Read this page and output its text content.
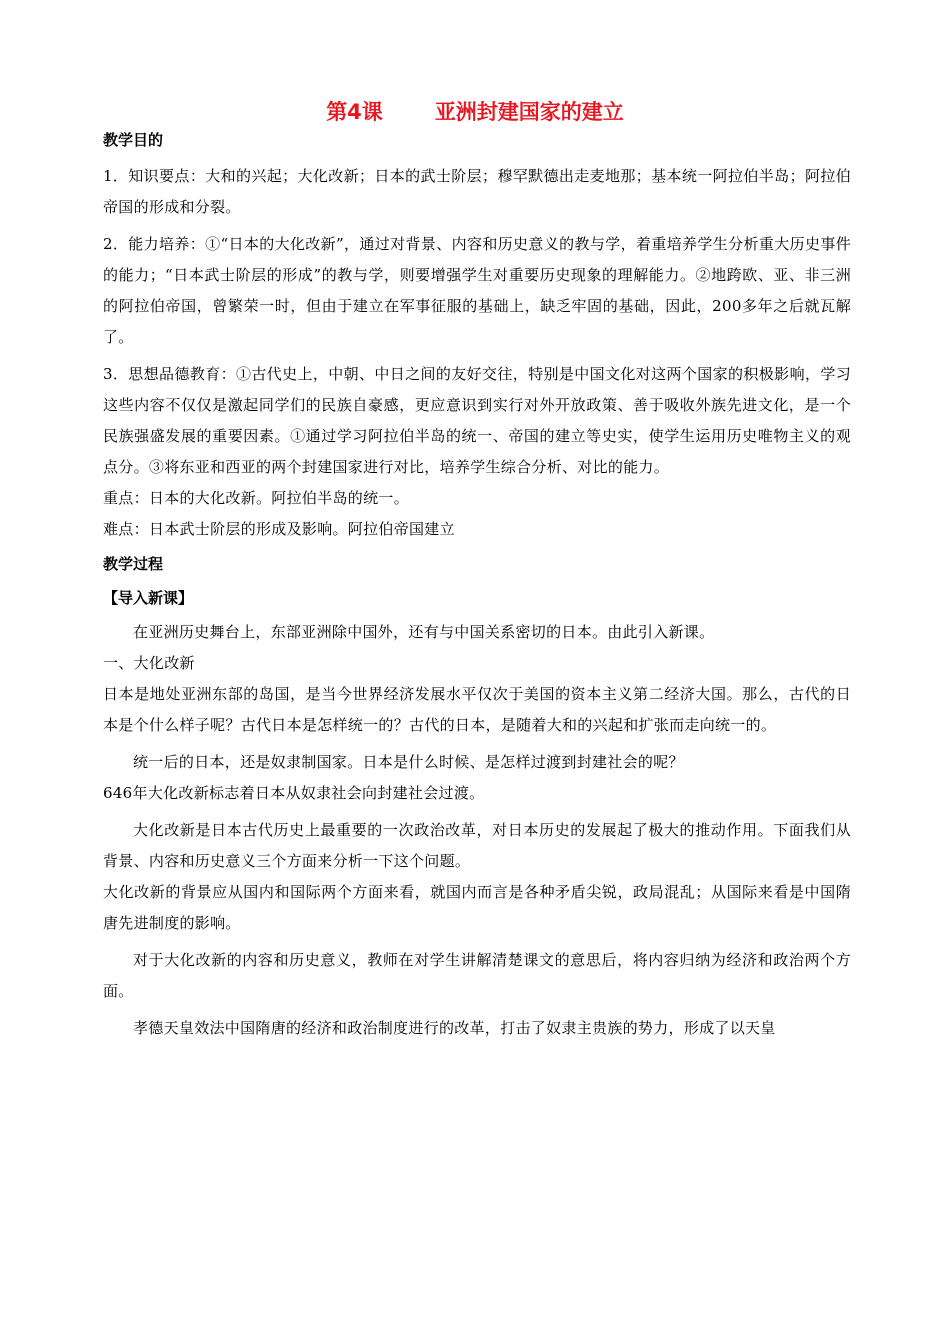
第4课 亚洲封建国家的建立

教学目的

1．知识要点：大和的兴起；大化改新；日本的武士阶层；穆罕默德出走麦地那；基本统一阿拉伯半岛；阿拉伯帝国的形成和分裂。

2．能力培养：①“日本的大化改新”，通过对背景、内容和历史意义的教与学，着重培养学生分析重大历史事件的能力；“日本武士阶层的形成”的教与学，则要增强学生对重要历史现象的理解能力。②地跨欧、亚、非三洲的阿拉伯帝国，曾繁荣一时，但由于建立在军事征服的基础上，缺乏牢固的基础，因此，200多年之后就瓦解了。

3．思想品德教育：①古代史上，中朝、中日之间的友好交往，特别是中国文化对这两个国家的积极影响，学习这些内容不仅仅是激起同学们的民族自豪感，更应意识到实行对外开放政策、善于吸收外族先进文化，是一个民族强盛发展的重要因素。①通过学习阿拉伯半岛的统一、帝国的建立等史实，使学生运用历史唯物主义的观点分。③将东亚和西亚的两个封建国家进行对比，培养学生综合分析、对比的能力。

重点：日本的大化改新。阿拉伯半岛的统一。

难点：日本武士阶层的形成及影响。阿拉伯帝国建立

教学过程

【导入新课】

在亚洲历史舞台上，东部亚洲除中国外，还有与中国关系密切的日本。由此引入新课。

一、大化改新

日本是地处亚洲东部的岛国，是当今世界经济发展水平仅次于美国的资本主义第二经济大国。那么，古代的日本是个什么样子呢？古代日本是怎样统一的？古代的日本，是随着大和的兴起和扩张而走向统一的。

统一后的日本，还是奴隶制国家。日本是什么时候、是怎样过渡到封建社会的呢？

646年大化改新标志着日本从奴隶社会向封建社会过渡。

大化改新是日本古代历史上最重要的一次政治改革，对日本历史的发展起了极大的推动作用。下面我们从背景、内容和历史意义三个方面来分析一下这个问题。

大化改新的背景应从国内和国际两个方面来看，就国内而言是各种矛盾尖锐，政局混乱；从国际来看是中国隋唐先进制度的影响。

对于大化改新的内容和历史意义，教师在对学生讲解清楚课文的意思后，将内容归纳为经济和政治两个方面。

孝德天皇效法中国隋唐的经济和政治制度进行的改革，打击了奴隶主贵族的势力，形成了以天皇
